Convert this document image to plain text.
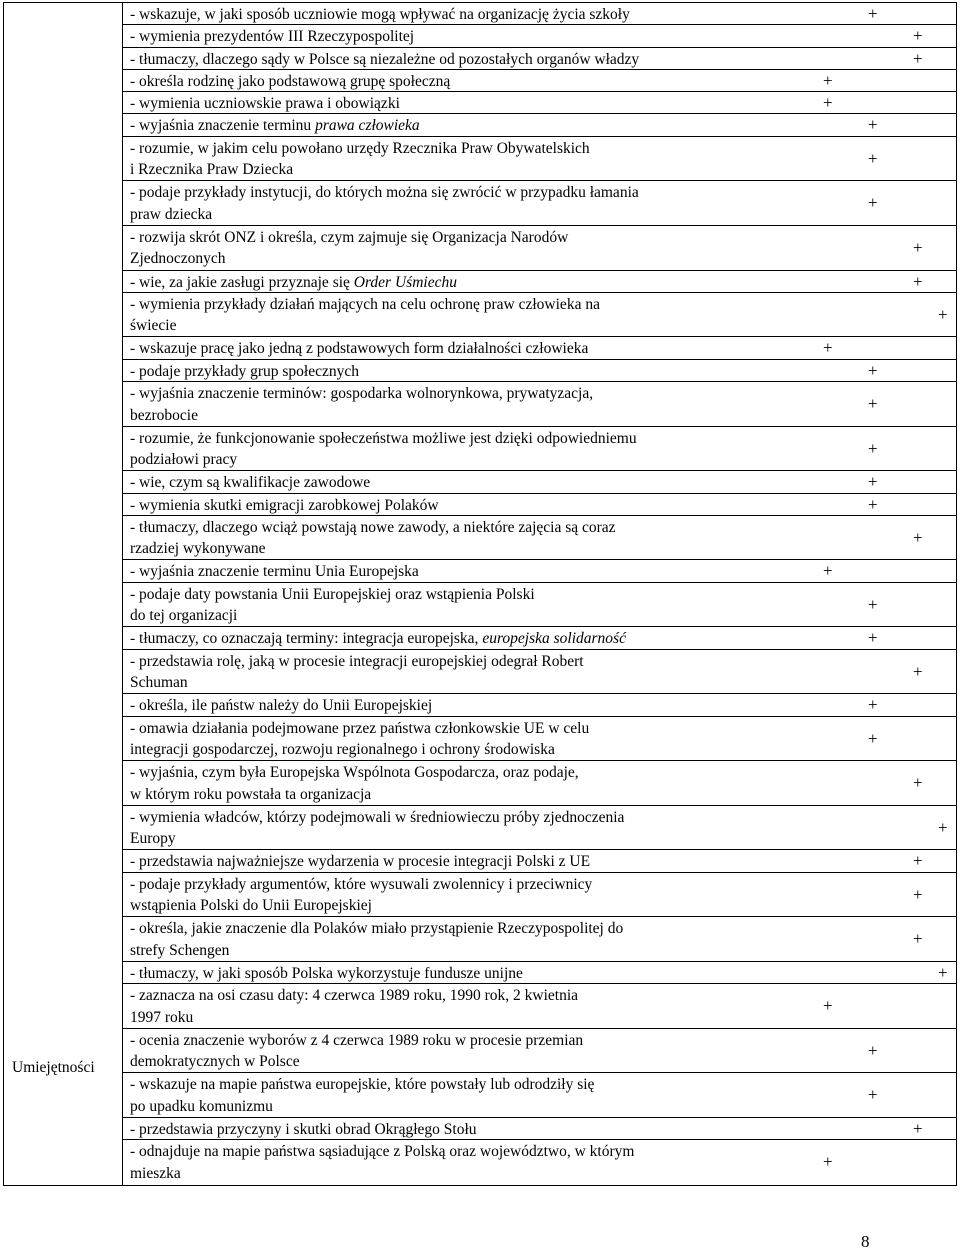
Umiejętności

- wskazuje, w jaki sposób uczniowie mogą wpływać na organizację życia szkoły	+
- wymienia prezydentów III Rzeczypospolitej	+
- tłumaczy, dlaczego sądy w Polsce są niezależne od pozostałych organów władzy	+
- określa rodzinę jako podstawową grupę społeczną	+
- wymienia uczniowskie prawa i obowiązki	+
- wyjaśnia znaczenie terminu prawa człowieka	+
- rozumie, w jakim celu powołano urzędy Rzecznika Praw Obywatelskich
i Rzecznika Praw Dziecka
+
- podaje przykłady instytucji, do których można się zwrócić w przypadku łamania
praw dziecka
+
- rozwija skrót ONZ i określa, czym zajmuje się Organizacja Narodów
Zjednoczonych
+
- wie, za jakie zasługi przyznaje się Order Uśmiechu	+
- wymienia przykłady działań mających na celu ochronę praw człowieka na
świecie
+
- wskazuje pracę jako jedną z podstawowych form działalności człowieka	+
- podaje przykłady grup społecznych	+
- wyjaśnia znaczenie terminów: gospodarka wolnorynkowa, prywatyzacja,
bezrobocie
+
- rozumie, że funkcjonowanie społeczeństwa możliwe jest dzięki odpowiedniemu
podziałowi pracy
+
- wie, czym są kwalifikacje zawodowe	+
- wymienia skutki emigracji zarobkowej Polaków	+
- tłumaczy, dlaczego wciąż powstają nowe zawody, a niektóre zajęcia są coraz
rzadziej wykonywane
+
- wyjaśnia znaczenie terminu Unia Europejska	+
- podaje daty powstania Unii Europejskiej oraz wstąpienia Polski
do tej organizacji
+
- tłumaczy, co oznaczają terminy: integracja europejska, europejska solidarność	+
- przedstawia rolę, jaką w procesie integracji europejskiej odegrał Robert
Schuman
+
- określa, ile państw należy do Unii Europejskiej	+
- omawia działania podejmowane przez państwa członkowskie UE w celu
integracji gospodarczej, rozwoju regionalnego i ochrony środowiska
+
- wyjaśnia, czym była Europejska Wspólnota Gospodarcza, oraz podaje,
w którym roku powstała ta organizacja
+
- wymienia władców, którzy podejmowali w średniowieczu próby zjednoczenia
Europy
+
- przedstawia najważniejsze wydarzenia w procesie integracji Polski z UE	+
- podaje przykłady argumentów, które wysuwali zwolennicy i przeciwnicy
wstąpienia Polski do Unii Europejskiej
+
- określa, jakie znaczenie dla Polaków miało przystąpienie Rzeczypospolitej do
strefy Schengen
+
- tłumaczy, w jaki sposób Polska wykorzystuje fundusze unijne	+
- zaznacza na osi czasu daty: 4 czerwca 1989 roku, 1990 rok, 2 kwietnia
1997 roku
+
- ocenia znaczenie wyborów z 4 czerwca 1989 roku w procesie przemian
demokratycznych w Polsce
+
- wskazuje na mapie państwa europejskie, które powstały lub odrodziły się
po upadku komunizmu
+
- przedstawia przyczyny i skutki obrad Okrągłego Stołu	+
- odnajduje na mapie państwa sąsiadujące z Polską oraz województwo, w którym
mieszka
+
8
